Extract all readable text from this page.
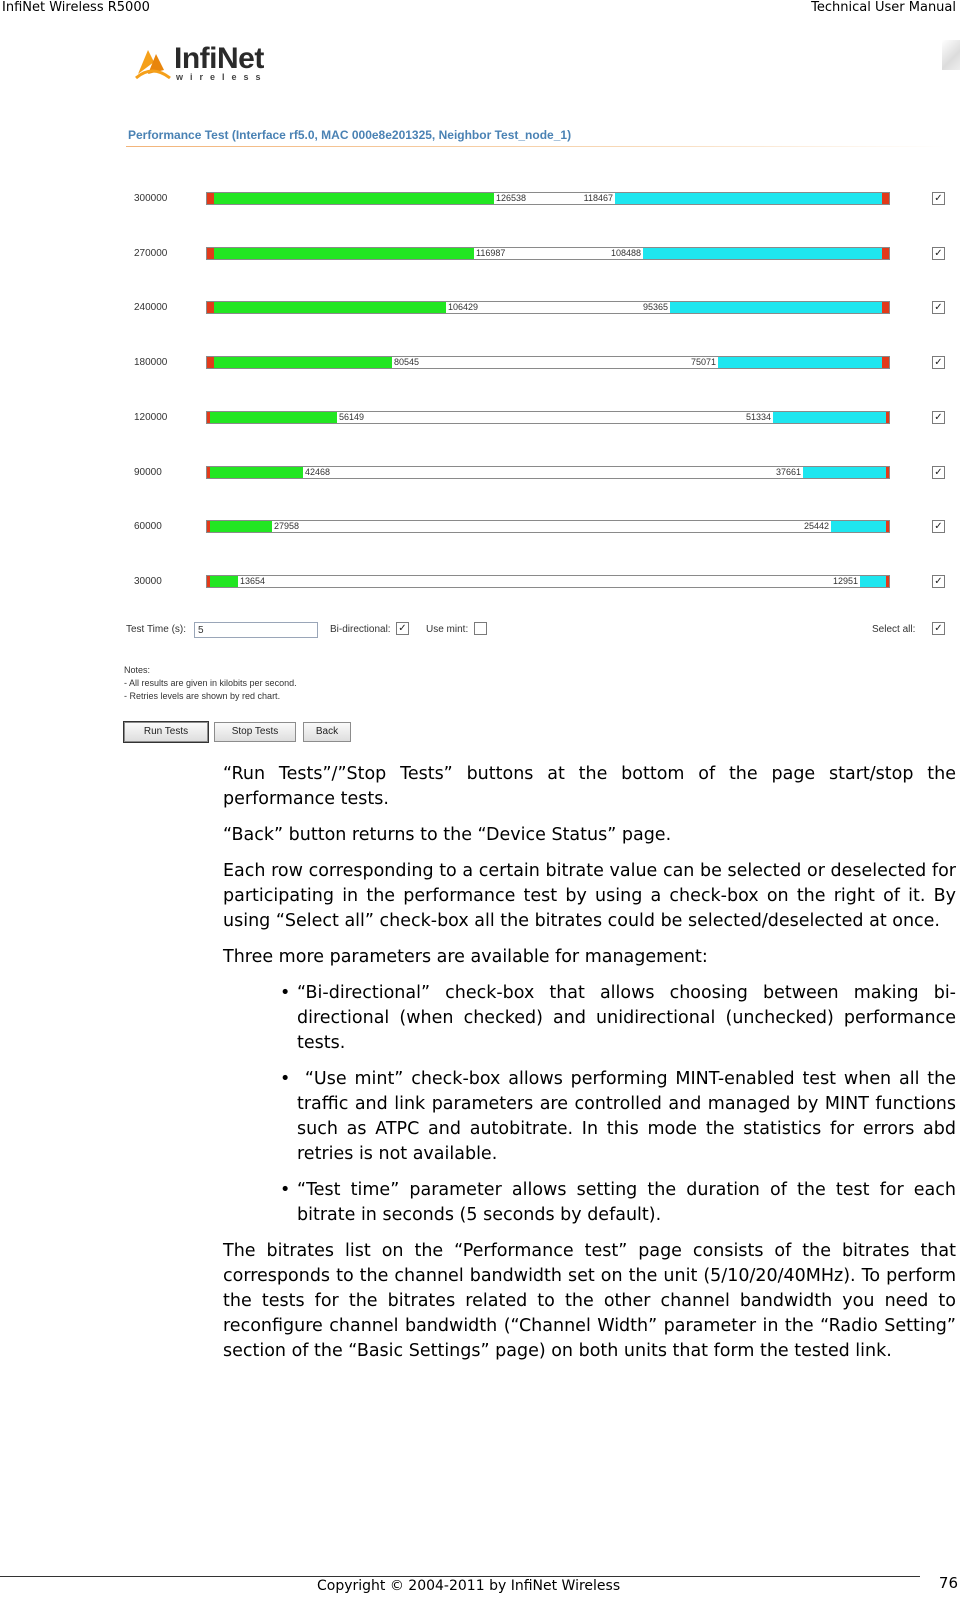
InfiNet Wireless R5000	Technical User Manual
InfiNet
wireless
Performance Test (Interface rf5.0, MAC 000e8e201325, Neighbor Test_node_1)
300000	126538	118467	✓
270000	116987	108488	✓
240000	106429	95365	✓
180000	80545	75071	✓
120000	56149	51334	✓
90000	42468	37661	✓
60000	27958	25442	✓
30000	13654	12951	✓
Test Time (s):
5	Bi-directional: ✓ Use mint:	Select all: ✓
Notes:
- All results are given in kilobits per second.
- Retries levels are shown by red chart.
Run Tests	Stop Tests	Back

“Run Tests”/”Stop Tests” buttons at the bottom of the page start/stop the performance tests.

“Back” button returns to the “Device Status” page.

Each row corresponding to a certain bitrate value can be selected or deselected for participating in the performance test by using a check-box on the right of it. By using “Select all” check-box all the bitrates could be selected/deselected at once.

Three more parameters are available for management:

• “Bi-directional” check-box that allows choosing between making bi-directional (when checked) and unidirectional (unchecked) performance tests.
• “Use mint” check-box allows performing MINT-enabled test when all the traffic and link parameters are controlled and managed by MINT functions such as ATPC and autobitrate. In this mode the statistics for errors abd retries is not available.
• “Test time” parameter allows setting the duration of the test for each bitrate in seconds (5 seconds by default).

The bitrates list on the “Performance test” page consists of the bitrates that corresponds to the channel bandwidth set on the unit (5/10/20/40MHz). To perform the tests for the bitrates related to the other channel bandwidth you need to reconfigure channel bandwidth (“Channel Width” parameter in the “Radio Setting” section of the “Basic Settings” page) on both units that form the tested link.

Copyright © 2004-2011 by InfiNet Wireless	76
